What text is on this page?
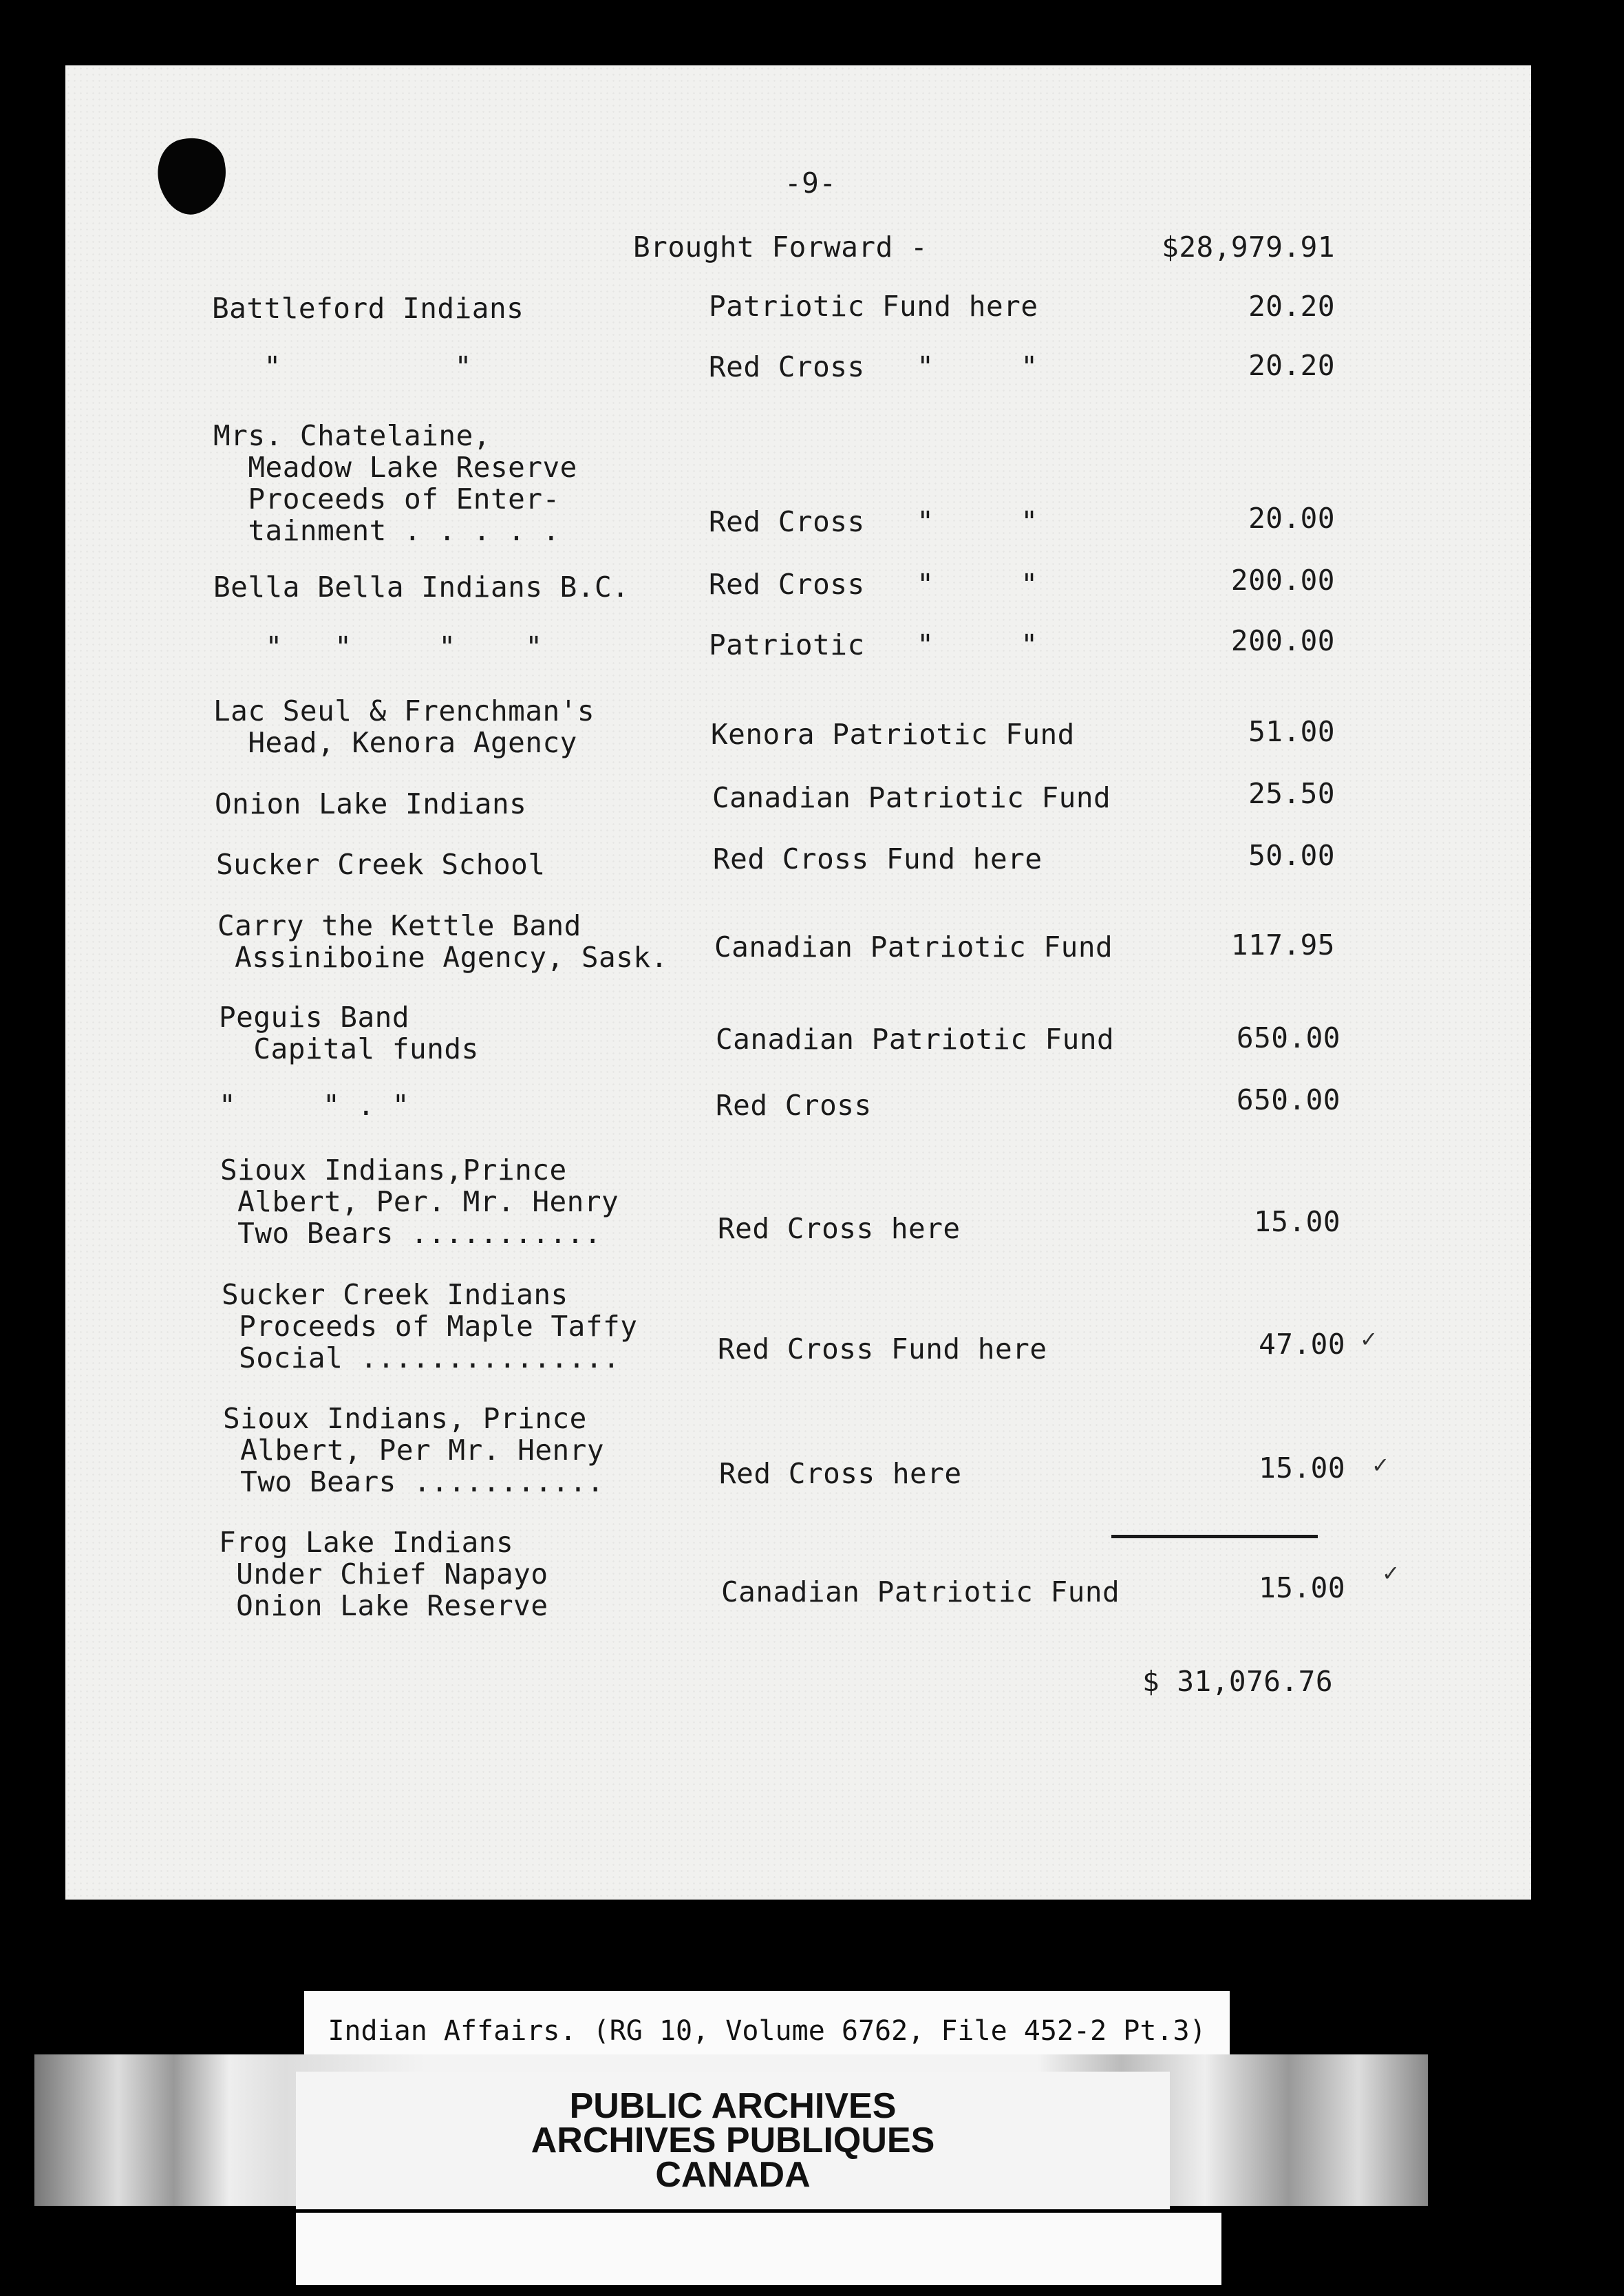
-9-
Brought Forward -	$28,979.91
Battleford Indians	Patriotic Fund here	20.20
"          "	Red Cross   "     "	20.20
Mrs. Chatelaine,
Meadow Lake Reserve
Proceeds of Enter-
tainment . . . . .	Red Cross   "     "	20.00
Bella Bella Indians B.C.	Red Cross   "     "	200.00
"   "     "    "	Patriotic   "     "	200.00
Lac Seul & Frenchman's
Head, Kenora Agency	Kenora Patriotic Fund	51.00
Onion Lake Indians	Canadian Patriotic Fund	25.50
Sucker Creek School	Red Cross Fund here	50.00
Carry the Kettle Band
Assiniboine Agency, Sask. Canadian Patriotic Fund	117.95
Peguis Band
Capital funds	Canadian Patriotic Fund	650.00
"     " . "	Red Cross	650.00
Sioux Indians,Prince
Albert, Per. Mr. Henry
Two Bears ...........	Red Cross here	15.00
Sucker Creek Indians
Proceeds of Maple Taffy
Social ...............	Red Cross Fund here	47.00
Sioux Indians, Prince
Albert, Per Mr. Henry
Two Bears ...........	Red Cross here	15.00
Frog Lake Indians
Under Chief Napayo
Onion Lake Reserve	Canadian Patriotic Fund	15.00
✓
✓
✓
$ 31,076.76
Indian Affairs. (RG 10, Volume 6762, File 452-2 Pt.3)
PUBLIC ARCHIVES
ARCHIVES PUBLIQUES
CANADA
